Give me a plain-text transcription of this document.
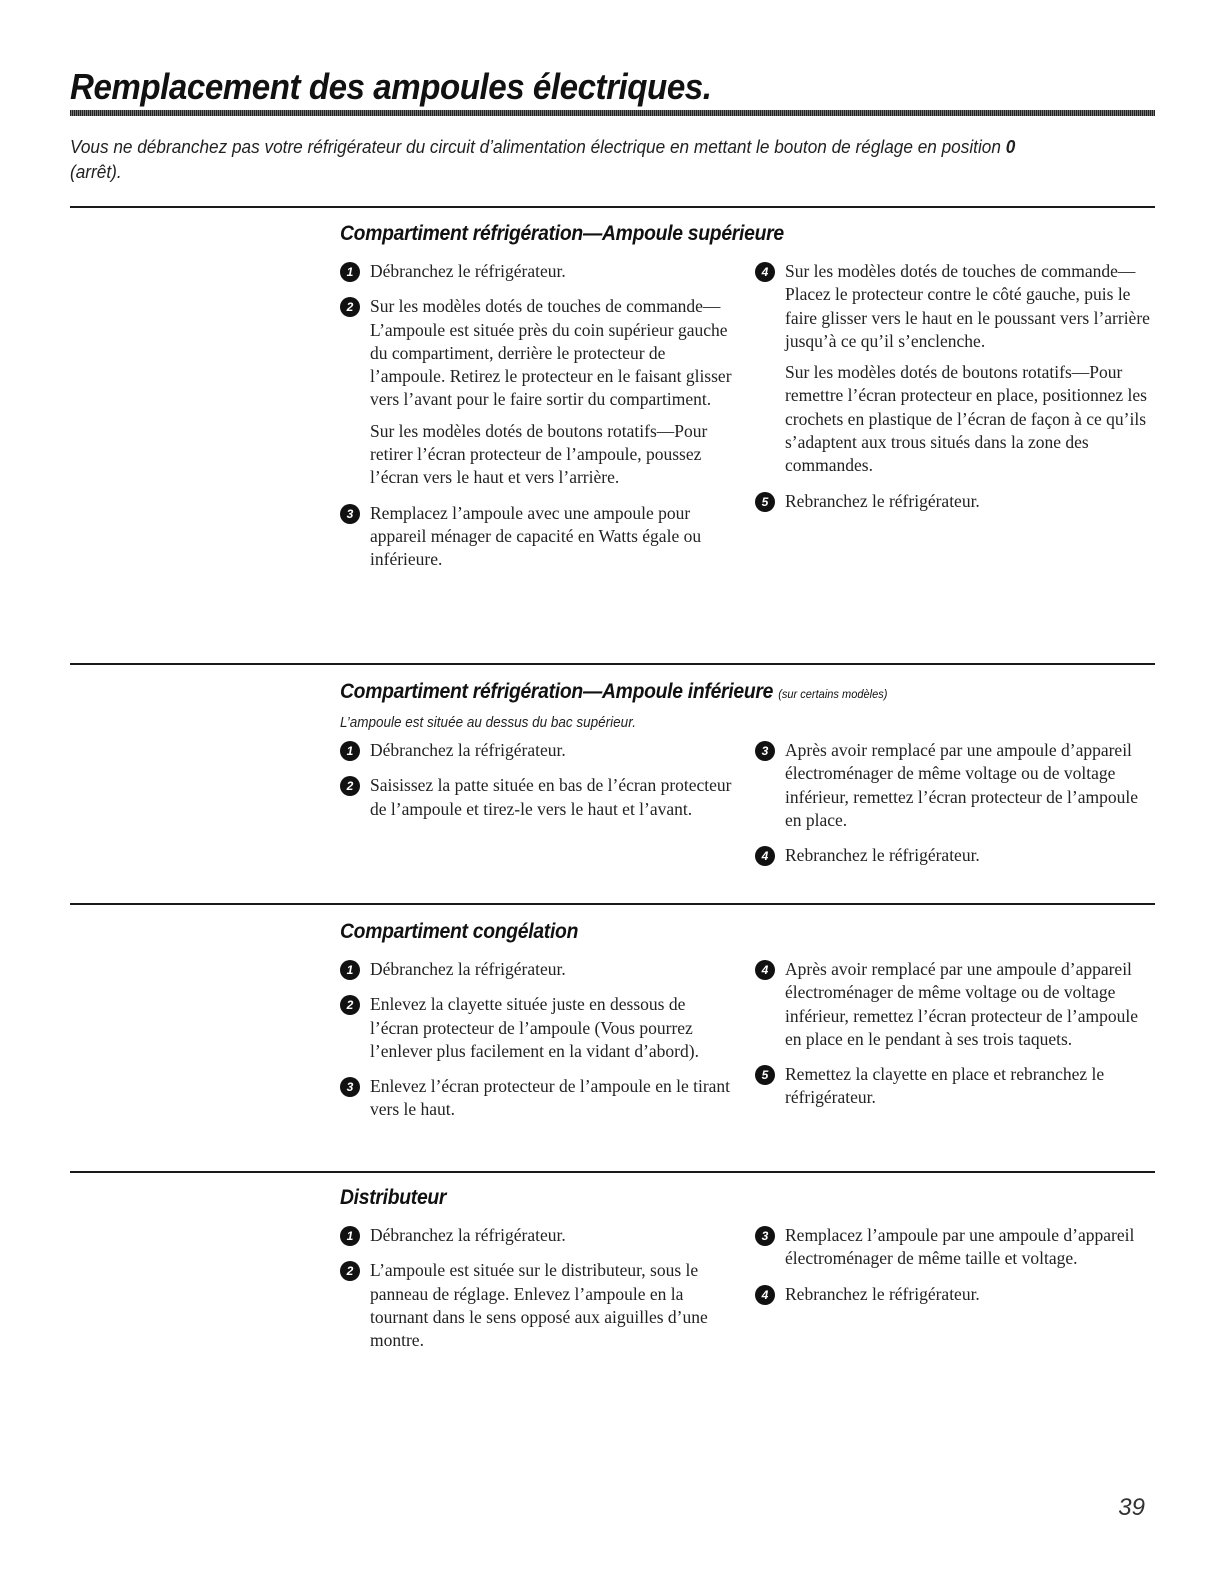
Remplacement des ampoules électriques.

Vous ne débranchez pas votre réfrigérateur du circuit d’alimentation électrique en mettant le bouton de réglage en position 0 (arrêt).

Compartiment réfrigération—Ampoule supérieure
1 Débranchez le réfrigérateur.

2 Sur les modèles dotés de touches de commande—L’ampoule est située près du coin supérieur gauche du compartiment, derrière le protecteur de l’ampoule. Retirez le protecteur en le faisant glisser vers l’avant pour le faire sortir du compartiment.

Sur les modèles dotés de boutons rotatifs—Pour retirer l’écran protecteur de l’ampoule, poussez l’écran vers le haut et vers l’arrière.

3 Remplacez l’ampoule avec une ampoule pour appareil ménager de capacité en Watts égale ou inférieure.

4 Sur les modèles dotés de touches de commande—Placez le protecteur contre le côté gauche, puis le faire glisser vers le haut en le poussant vers l’arrière jusqu’à ce qu’il s’enclenche.

Sur les modèles dotés de boutons rotatifs—Pour remettre l’écran protecteur en place, positionnez les crochets en plastique de l’écran de façon à ce qu’ils s’adaptent aux trous situés dans la zone des commandes.

5 Rebranchez le réfrigérateur.

Compartiment réfrigération—Ampoule inférieure (sur certains modèles)

L’ampoule est située au dessus du bac supérieur.

1 Débranchez la réfrigérateur.

2 Saisissez la patte située en bas de l’écran protecteur de l’ampoule et tirez-le vers le haut et l’avant.

3 Après avoir remplacé par une ampoule d’appareil électroménager de même voltage ou de voltage inférieur, remettez l’écran protecteur de l’ampoule en place.

4 Rebranchez le réfrigérateur.

Compartiment congélation
1 Débranchez la réfrigérateur.

2 Enlevez la clayette située juste en dessous de l’écran protecteur de l’ampoule (Vous pourrez l’enlever plus facilement en la vidant d’abord).

3 Enlevez l’écran protecteur de l’ampoule en le tirant vers le haut.

4 Après avoir remplacé par une ampoule d’appareil électroménager de même voltage ou de voltage inférieur, remettez l’écran protecteur de l’ampoule en place en le pendant à ses trois taquets.

5 Remettez la clayette en place et rebranchez le réfrigérateur.

Distributeur
1 Débranchez la réfrigérateur.

2 L’ampoule est située sur le distributeur, sous le panneau de réglage. Enlevez l’ampoule en la tournant dans le sens opposé aux aiguilles d’une montre.

3 Remplacez l’ampoule par une ampoule d’appareil électroménager de même taille et voltage.

4 Rebranchez le réfrigérateur.

39
